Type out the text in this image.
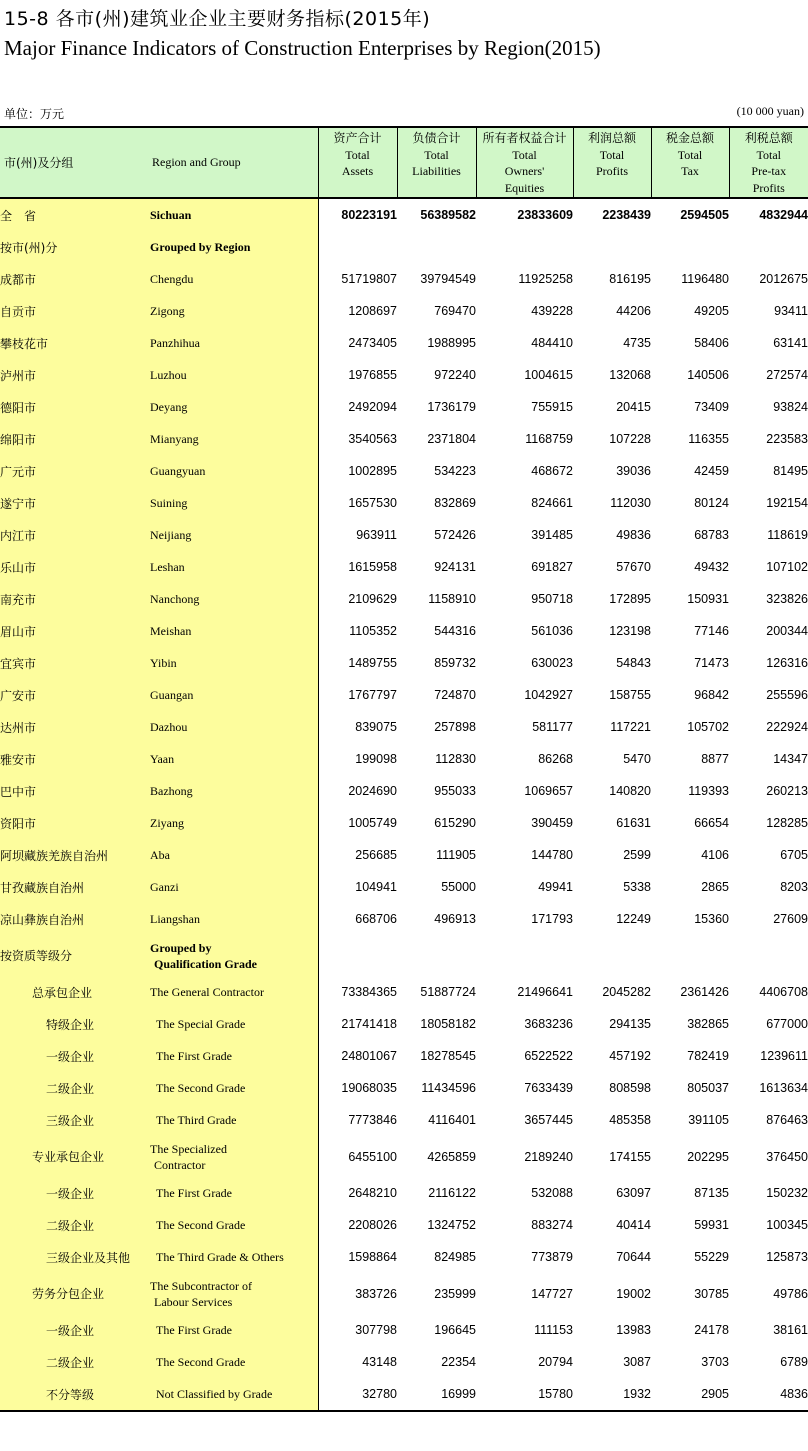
15-8 各市(州)建筑业企业主要财务指标(2015年)
Major Finance Indicators of Construction Enterprises by Region(2015)
单位：万元	(10 000 yuan)
市(州)及分组	Region and Group	资产合计
Total
Assets	负债合计
Total
Liabilities	所有者权益合计
Total
Owners'
Equities	利润总额
Total
Profits	税金总额
Total
Tax	利税总额
Total
Pre-tax
Profits

全　省	Sichuan	80223191	56389582	23833609	2238439	2594505	4832944
按市(州)分	Grouped by Region						
成都市	Chengdu	51719807	39794549	11925258	816195	1196480	2012675
自贡市	Zigong	1208697	769470	439228	44206	49205	93411
攀枝花市	Panzhihua	2473405	1988995	484410	4735	58406	63141
泸州市	Luzhou	1976855	972240	1004615	132068	140506	272574
德阳市	Deyang	2492094	1736179	755915	20415	73409	93824
绵阳市	Mianyang	3540563	2371804	1168759	107228	116355	223583
广元市	Guangyuan	1002895	534223	468672	39036	42459	81495
遂宁市	Suining	1657530	832869	824661	112030	80124	192154
内江市	Neijiang	963911	572426	391485	49836	68783	118619
乐山市	Leshan	1615958	924131	691827	57670	49432	107102
南充市	Nanchong	2109629	1158910	950718	172895	150931	323826
眉山市	Meishan	1105352	544316	561036	123198	77146	200344
宜宾市	Yibin	1489755	859732	630023	54843	71473	126316
广安市	Guangan	1767797	724870	1042927	158755	96842	255596
达州市	Dazhou	839075	257898	581177	117221	105702	222924
雅安市	Yaan	199098	112830	86268	5470	8877	14347
巴中市	Bazhong	2024690	955033	1069657	140820	119393	260213
资阳市	Ziyang	1005749	615290	390459	61631	66654	128285
阿坝藏族羌族自治州	Aba	256685	111905	144780	2599	4106	6705
甘孜藏族自治州	Ganzi	104941	55000	49941	5338	2865	8203
凉山彝族自治州	Liangshan	668706	496913	171793	12249	15360	27609
按资质等级分	Grouped by
Qualification Grade						

总承包企业	The General Contractor	73384365	51887724	21496641	2045282	2361426	4406708
特级企业	The Special Grade	21741418	18058182	3683236	294135	382865	677000
一级企业	The First Grade	24801067	18278545	6522522	457192	782419	1239611
二级企业	The Second Grade	19068035	11434596	7633439	808598	805037	1613634
三级企业	The Third Grade	7773846	4116401	3657445	485358	391105	876463
专业承包企业	The Specialized
Contractor	6455100	4265859	2189240	174155	202295	376450
一级企业	The First Grade	2648210	2116122	532088	63097	87135	150232
二级企业	The Second Grade	2208026	1324752	883274	40414	59931	100345
三级企业及其他	The Third Grade & Others	1598864	824985	773879	70644	55229	125873
劳务分包企业	The Subcontractor of
Labour Services	383726	235999	147727	19002	30785	49786
一级企业	The First Grade	307798	196645	111153	13983	24178	38161
二级企业	The Second Grade	43148	22354	20794	3087	3703	6789
不分等级	Not Classified by Grade	32780	16999	15780	1932	2905	4836
